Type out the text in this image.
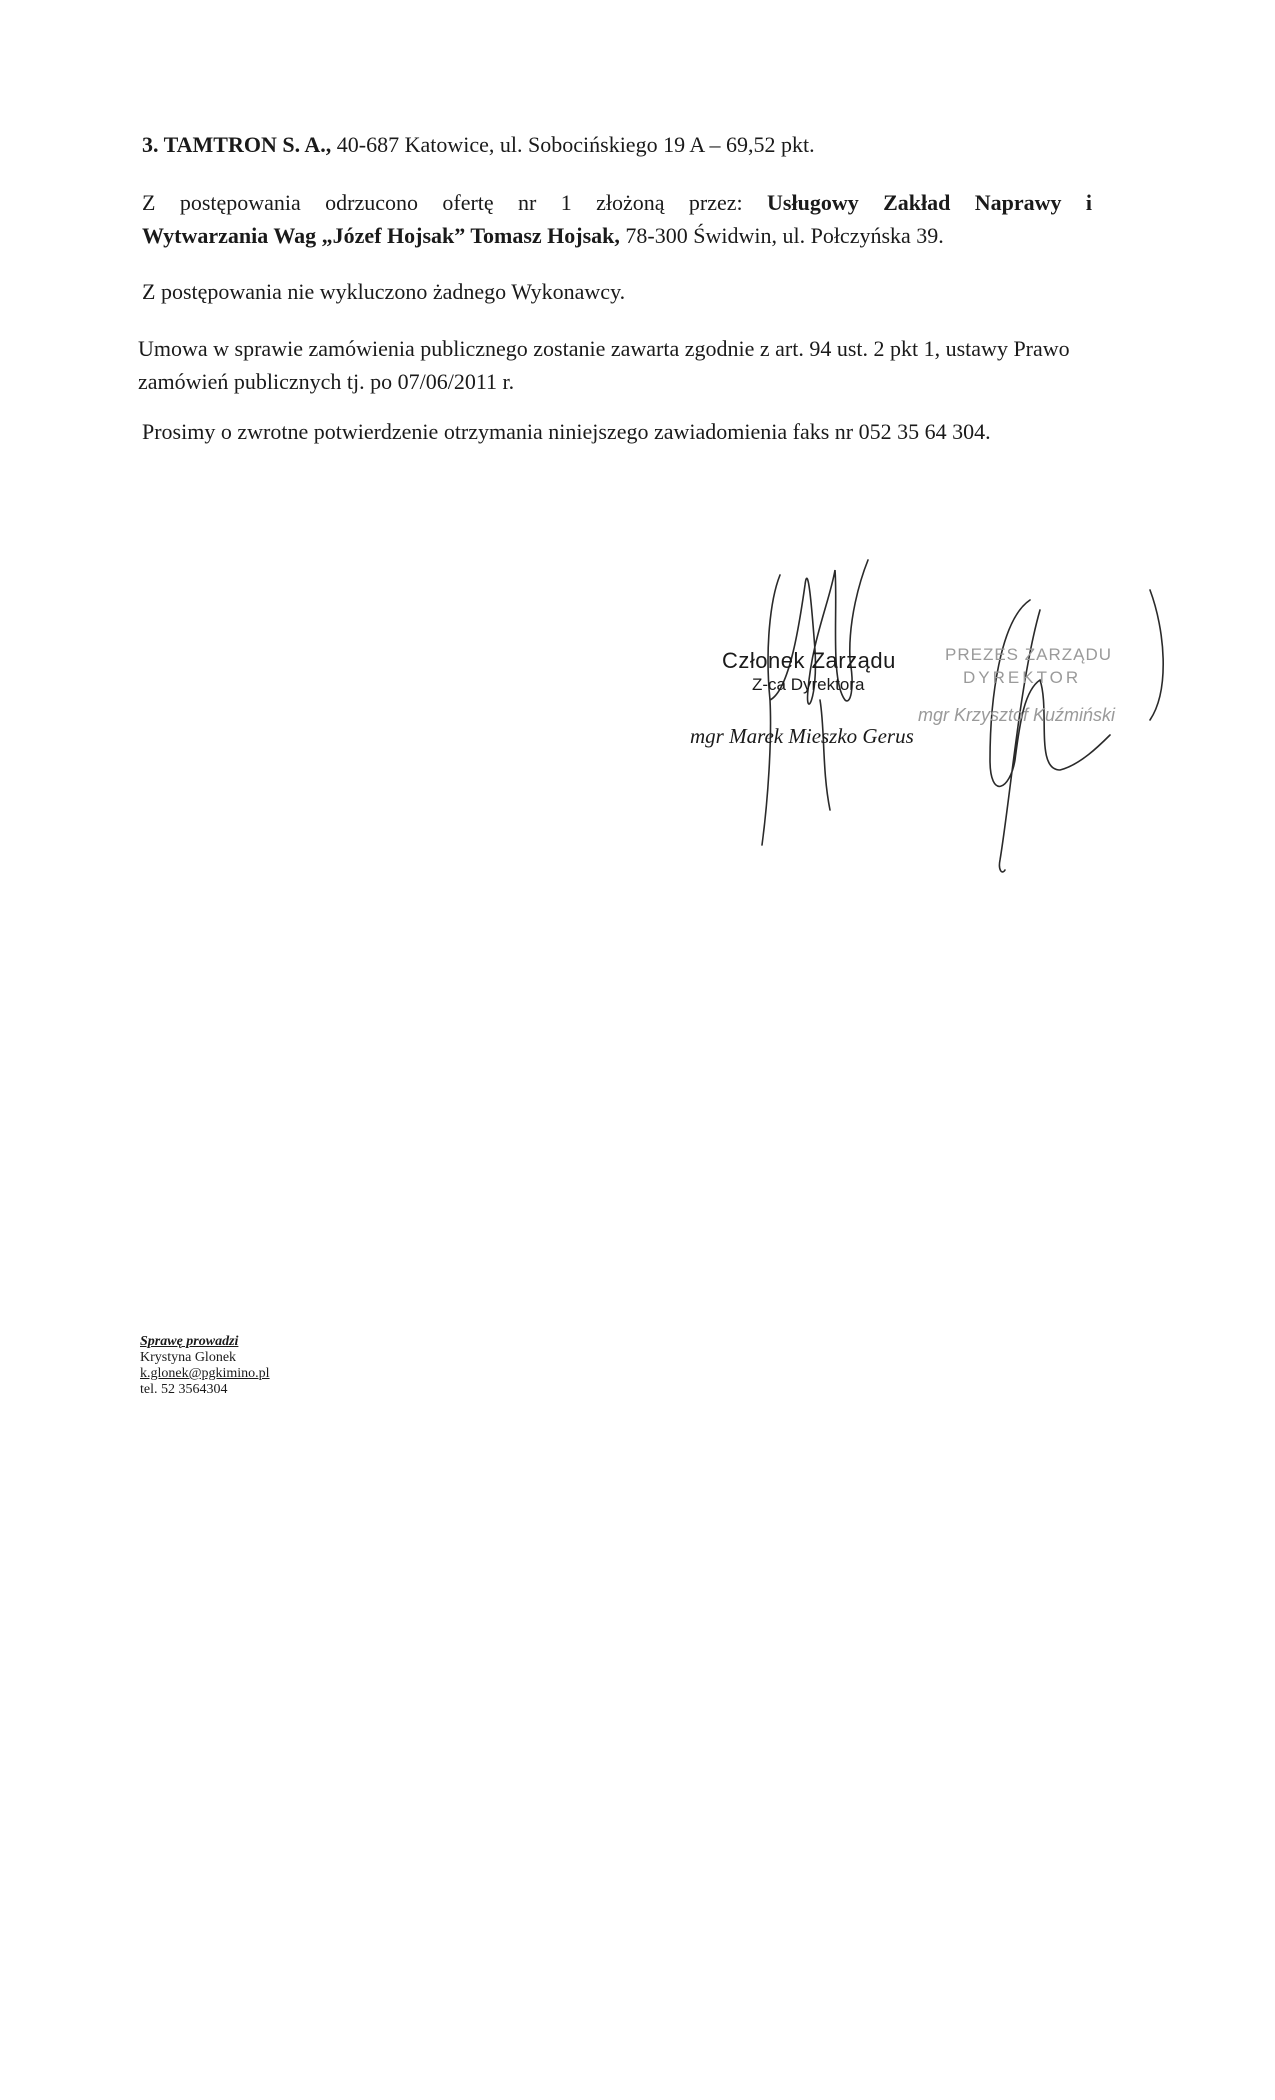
3. TAMTRON S. A., 40-687 Katowice, ul. Sobocińskiego 19 A – 69,52 pkt.

Z postępowania odrzucono ofertę nr 1 złożoną przez: Usługowy Zakład Naprawy i
Wytwarzania Wag „Józef Hojsak” Tomasz Hojsak, 78-300 Świdwin, ul. Połczyńska 39.

Z postępowania nie wykluczono żadnego Wykonawcy.

Umowa w sprawie zamówienia publicznego zostanie zawarta zgodnie z art. 94 ust. 2 pkt 1, ustawy Prawo zamówień publicznych tj. po 07/06/2011 r.

Prosimy o zwrotne potwierdzenie otrzymania niniejszego zawiadomienia faks nr 052 35 64 304.

Członek Zarządu
Z-ca Dyrektora
mgr Marek Mieszko Gerus
PREZES ZARZĄDU
DYREKTOR
mgr Krzysztof Kuźmiński
Sprawę prowadzi
Krystyna Glonek
k.glonek@pgkimino.pl
tel. 52 3564304
